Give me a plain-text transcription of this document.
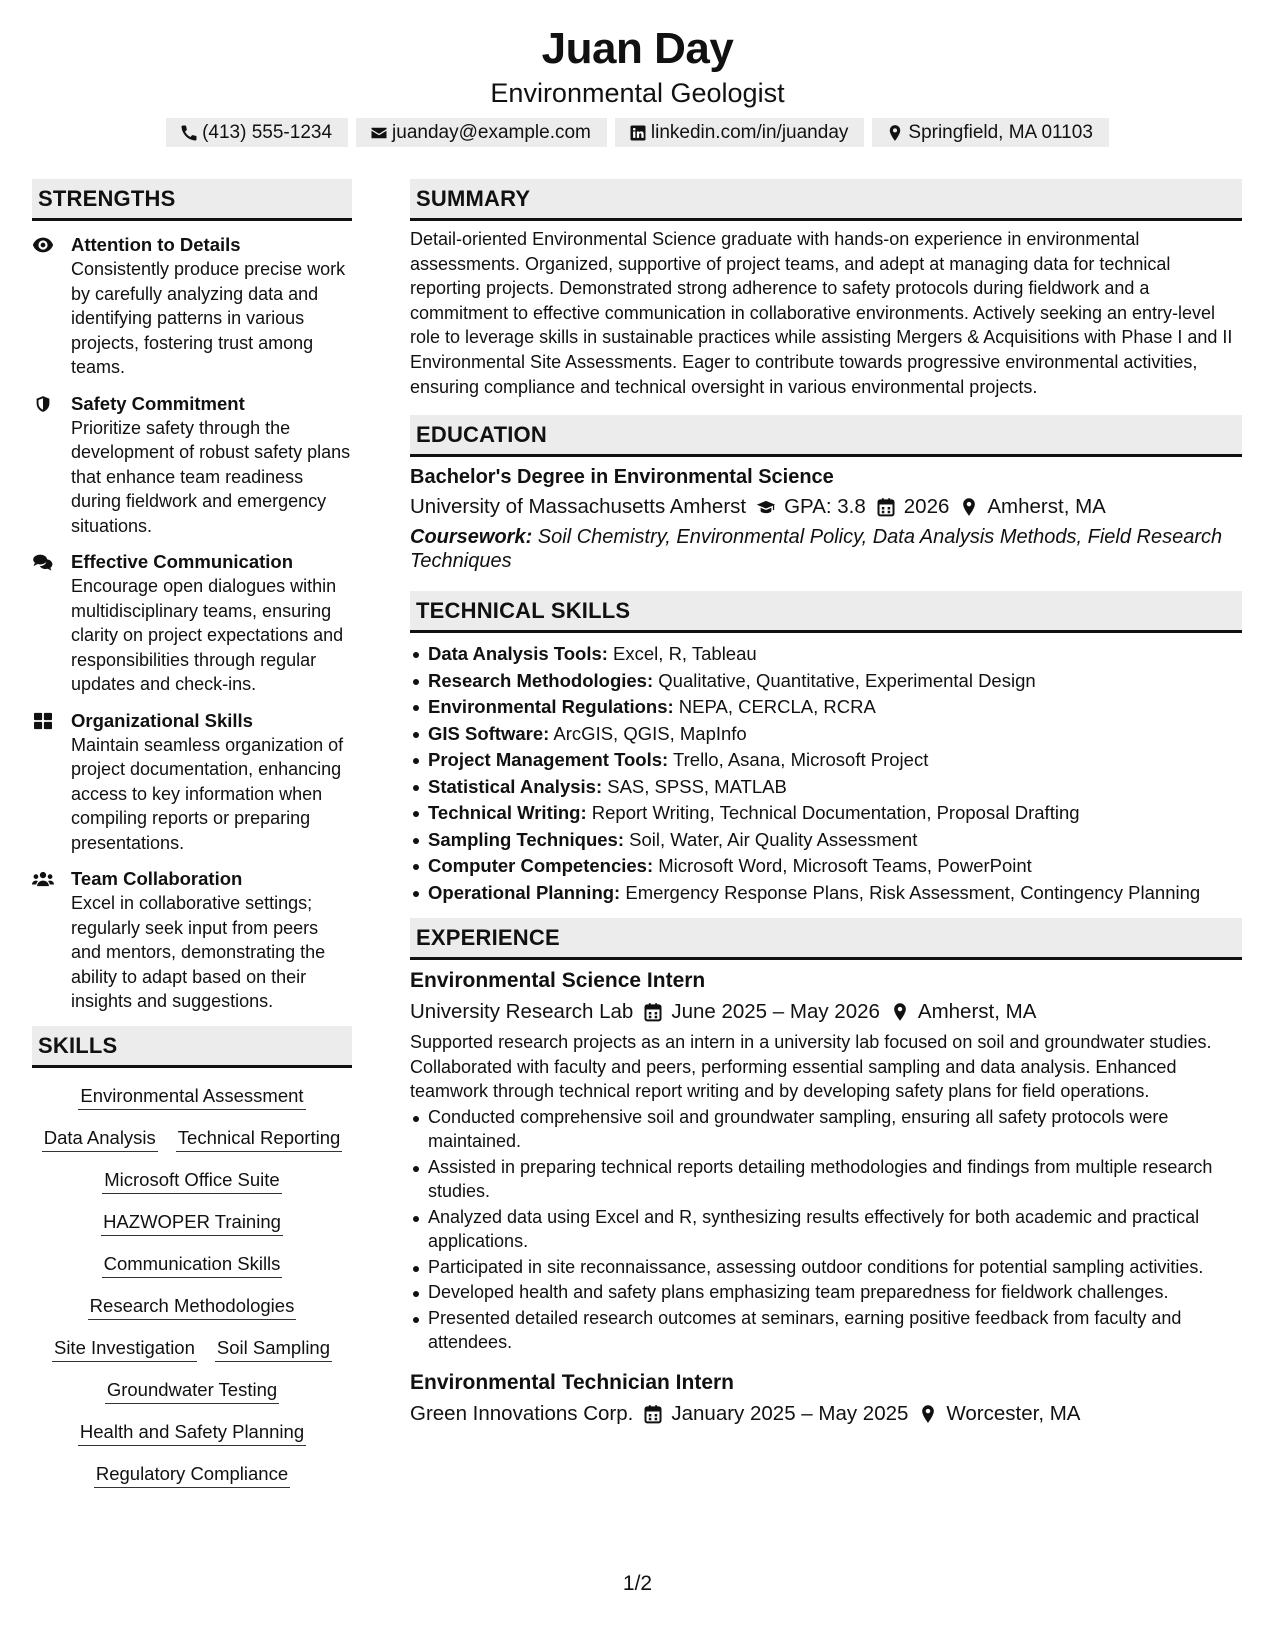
Juan Day
Environmental Geologist
(413) 555-1234	juanday@example.com	linkedin.com/in/juanday	Springfield, MA 01103
STRENGTHS
Attention to Details
Consistently produce precise work by carefully analyzing data and identifying patterns in various projects, fostering trust among teams.
Safety Commitment
Prioritize safety through the development of robust safety plans that enhance team readiness during fieldwork and emergency situations.
Effective Communication
Encourage open dialogues within multidisciplinary teams, ensuring clarity on project expectations and responsibilities through regular updates and check-ins.
Organizational Skills
Maintain seamless organization of project documentation, enhancing access to key information when compiling reports or preparing presentations.
Team Collaboration
Excel in collaborative settings; regularly seek input from peers and mentors, demonstrating the ability to adapt based on their insights and suggestions.
SKILLS
Environmental Assessment
Data Analysis Technical Reporting
Microsoft Office Suite
HAZWOPER Training
Communication Skills
Research Methodologies
Site Investigation Soil Sampling
Groundwater Testing
Health and Safety Planning
Regulatory Compliance
SUMMARY
Detail-oriented Environmental Science graduate with hands-on experience in environmental assessments. Organized, supportive of project teams, and adept at managing data for technical reporting projects. Demonstrated strong adherence to safety protocols during fieldwork and a commitment to effective communication in collaborative environments. Actively seeking an entry-level role to leverage skills in sustainable practices while assisting Mergers & Acquisitions with Phase I and II Environmental Site Assessments. Eager to contribute towards progressive environmental activities, ensuring compliance and technical oversight in various environmental projects.
EDUCATION
Bachelor's Degree in Environmental Science
University of Massachusetts Amherst GPA: 3.8 2026 Amherst, MA
Coursework: Soil Chemistry, Environmental Policy, Data Analysis Methods, Field Research Techniques
TECHNICAL SKILLS
Data Analysis Tools: Excel, R, Tableau
Research Methodologies: Qualitative, Quantitative, Experimental Design
Environmental Regulations: NEPA, CERCLA, RCRA
GIS Software: ArcGIS, QGIS, MapInfo
Project Management Tools: Trello, Asana, Microsoft Project
Statistical Analysis: SAS, SPSS, MATLAB
Technical Writing: Report Writing, Technical Documentation, Proposal Drafting
Sampling Techniques: Soil, Water, Air Quality Assessment
Computer Competencies: Microsoft Word, Microsoft Teams, PowerPoint
Operational Planning: Emergency Response Plans, Risk Assessment, Contingency Planning
EXPERIENCE
Environmental Science Intern
University Research Lab June 2025 – May 2026 Amherst, MA
Supported research projects as an intern in a university lab focused on soil and groundwater studies. Collaborated with faculty and peers, performing essential sampling and data analysis. Enhanced teamwork through technical report writing and by developing safety plans for field operations.
Conducted comprehensive soil and groundwater sampling, ensuring all safety protocols were maintained.
Assisted in preparing technical reports detailing methodologies and findings from multiple research studies.
Analyzed data using Excel and R, synthesizing results effectively for both academic and practical applications.
Participated in site reconnaissance, assessing outdoor conditions for potential sampling activities.
Developed health and safety plans emphasizing team preparedness for fieldwork challenges.
Presented detailed research outcomes at seminars, earning positive feedback from faculty and attendees.
Environmental Technician Intern
Green Innovations Corp. January 2025 – May 2025 Worcester, MA
1/2
